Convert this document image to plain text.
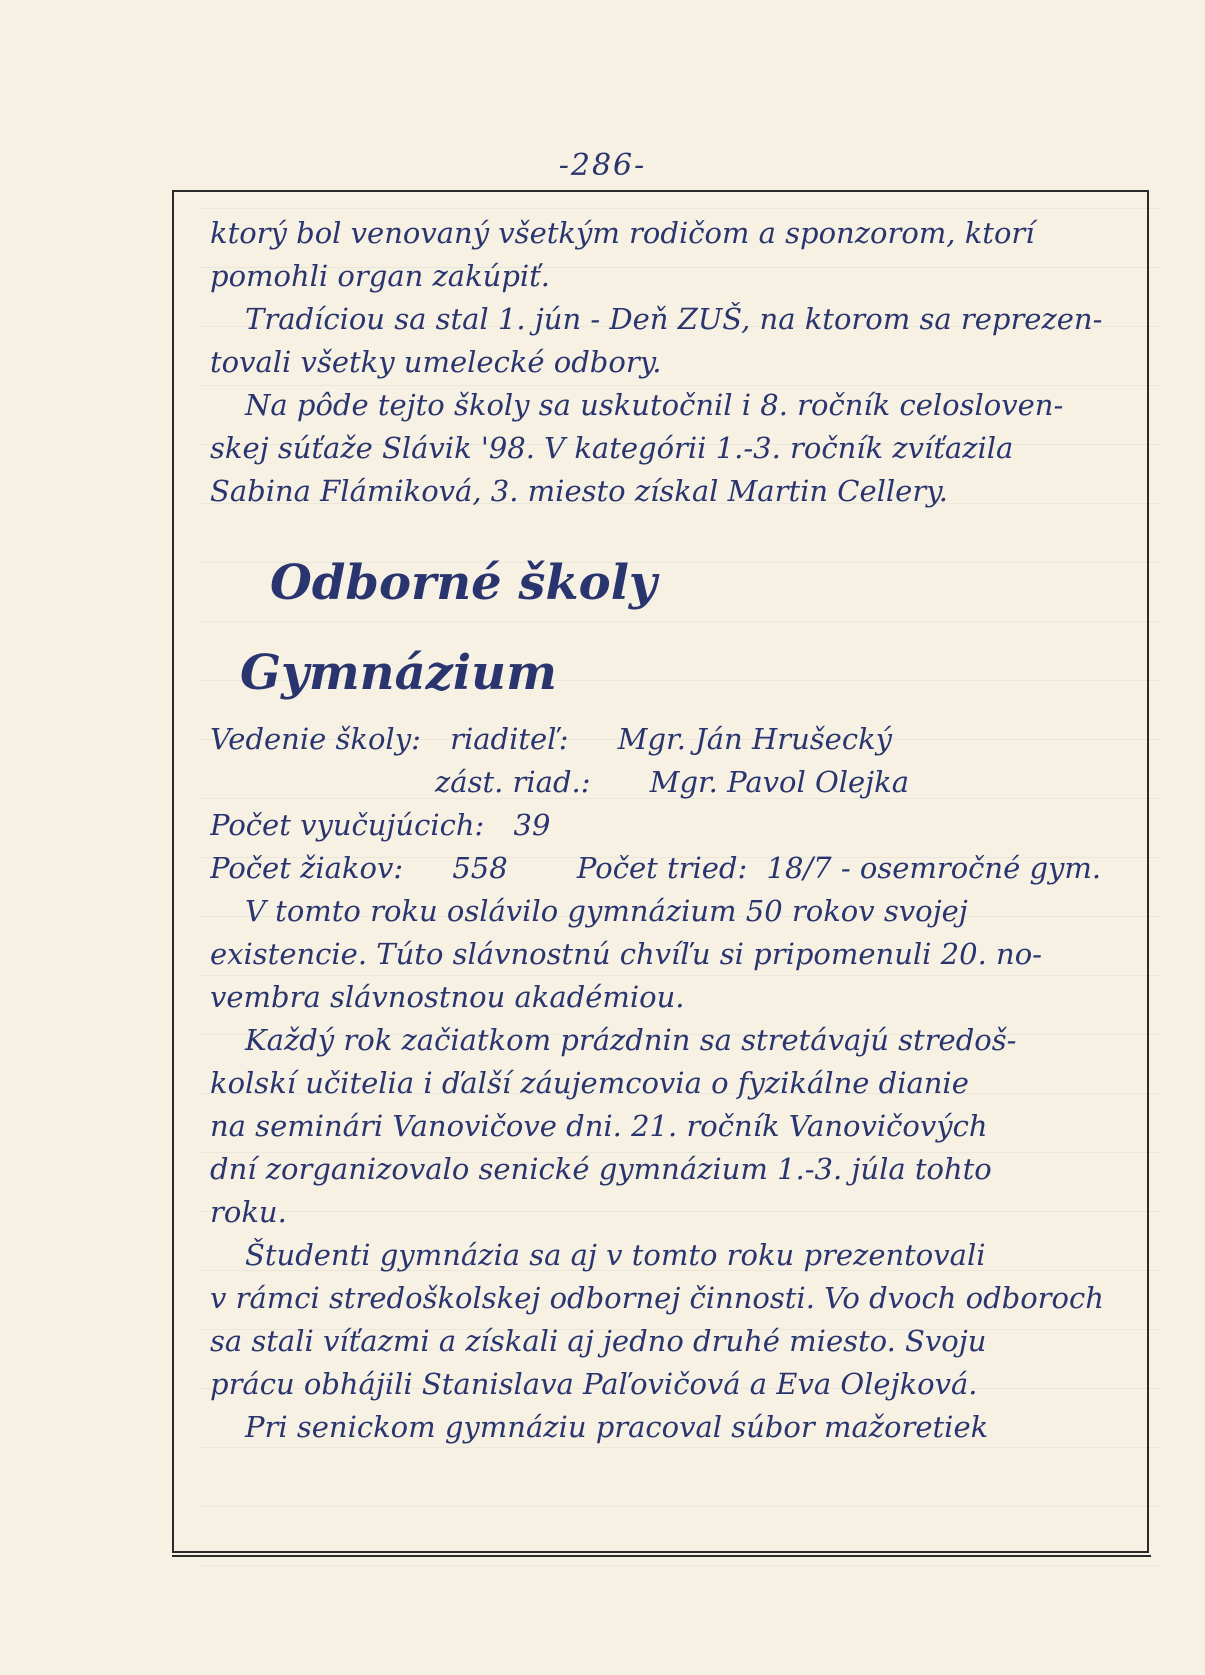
-286-
ktorý bol venovaný všetkým rodičom a sponzorom, ktorí
pomohli organ zakúpiť.
Tradíciou sa stal 1. jún - Deň ZUŠ, na ktorom sa reprezen-
tovali všetky umelecké odbory.
Na pôde tejto školy sa uskutočnil i 8. ročník celosloven-
skej súťaže Slávik '98. V kategórii 1.-3. ročník zvíťazila
Sabina Flámiková, 3. miesto získal Martin Cellery.
Odborné školy
Gymnázium
Vedenie školy: riaditeľ: Mgr. Ján Hrušecký
zást. riad.: Mgr. Pavol Olejka
Počet vyučujúcich: 39
Počet žiakov: 558 Počet tried: 18/7 - osemročné gym.
V tomto roku oslávilo gymnázium 50 rokov svojej
existencie. Túto slávnostnú chvíľu si pripomenuli 20. no-
vembra slávnostnou akadémiou.
Každý rok začiatkom prázdnin sa stretávajú stredoš-
kolskí učitelia i ďalší záujemcovia o fyzikálne dianie
na seminári Vanovičove dni. 21. ročník Vanovičových
dní zorganizovalo senické gymnázium 1.-3. júla tohto
roku.
Študenti gymnázia sa aj v tomto roku prezentovali
v rámci stredoškolskej odbornej činnosti. Vo dvoch odboroch
sa stali víťazmi a získali aj jedno druhé miesto. Svoju
prácu obhájili Stanislava Paľovičová a Eva Olejková.
Pri senickom gymnáziu pracoval súbor mažoretiek
